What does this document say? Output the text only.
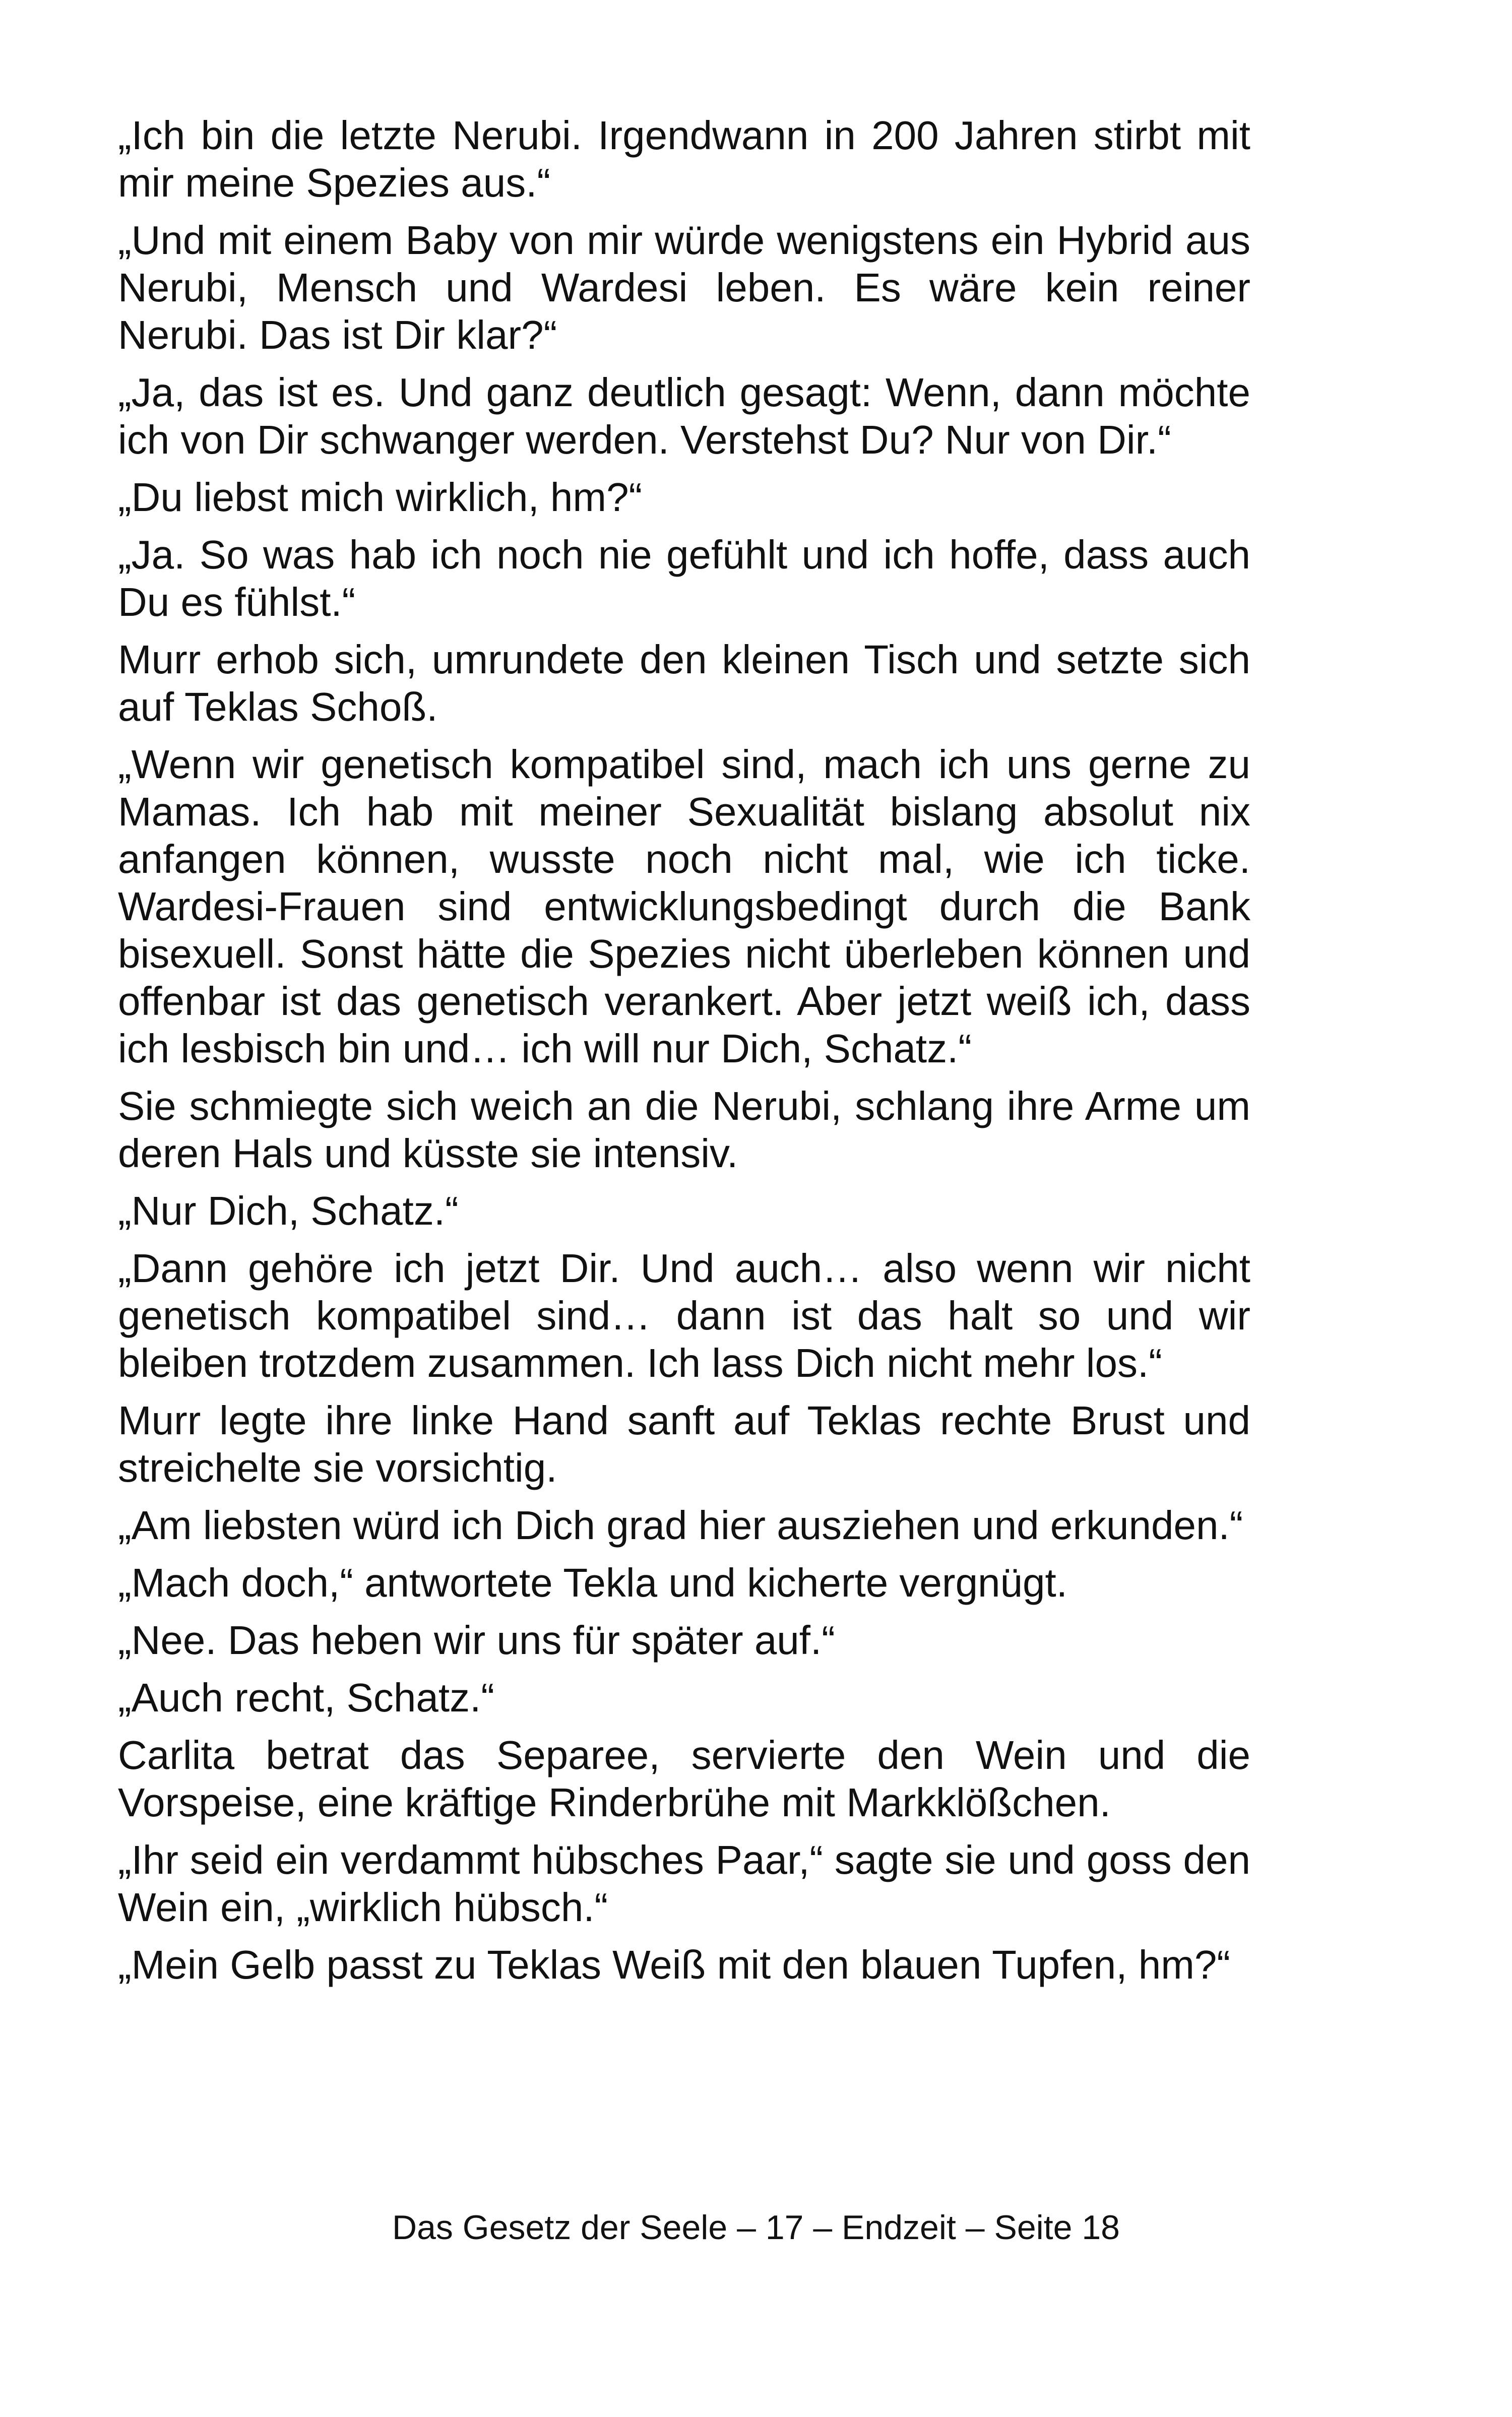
„Ich bin die letzte Nerubi. Irgendwann in 200 Jahren stirbt mit mir meine Spezies aus.“

„Und mit einem Baby von mir würde wenigstens ein Hybrid aus Nerubi, Mensch und Wardesi leben. Es wäre kein reiner Nerubi. Das ist Dir klar?“

„Ja, das ist es. Und ganz deutlich gesagt: Wenn, dann möchte ich von Dir schwanger werden. Verstehst Du? Nur von Dir.“

„Du liebst mich wirklich, hm?“

„Ja. So was hab ich noch nie gefühlt und ich hoffe, dass auch Du es fühlst.“

Murr erhob sich, umrundete den kleinen Tisch und setzte sich auf Teklas Schoß.

„Wenn wir genetisch kompatibel sind, mach ich uns gerne zu Mamas. Ich hab mit meiner Sexualität bislang absolut nix anfangen können, wusste noch nicht mal, wie ich ticke. Wardesi-Frauen sind entwicklungsbedingt durch die Bank bisexuell. Sonst hätte die Spezies nicht überleben können und offenbar ist das genetisch verankert. Aber jetzt weiß ich, dass ich lesbisch bin und… ich will nur Dich, Schatz.“

Sie schmiegte sich weich an die Nerubi, schlang ihre Arme um deren Hals und küsste sie intensiv.

„Nur Dich, Schatz.“

„Dann gehöre ich jetzt Dir. Und auch… also wenn wir nicht genetisch kompatibel sind… dann ist das halt so und wir bleiben trotzdem zusammen. Ich lass Dich nicht mehr los.“

Murr legte ihre linke Hand sanft auf Teklas rechte Brust und streichelte sie vorsichtig.

„Am liebsten würd ich Dich grad hier ausziehen und erkunden.“

„Mach doch,“ antwortete Tekla und kicherte vergnügt.

„Nee. Das heben wir uns für später auf.“

„Auch recht, Schatz.“

Carlita betrat das Separee, servierte den Wein und die Vorspeise, eine kräftige Rinderbrühe mit Markklößchen.

„Ihr seid ein verdammt hübsches Paar,“ sagte sie und goss den Wein ein, „wirklich hübsch.“

„Mein Gelb passt zu Teklas Weiß mit den blauen Tupfen, hm?“

Das Gesetz der Seele – 17 – Endzeit – Seite 18
